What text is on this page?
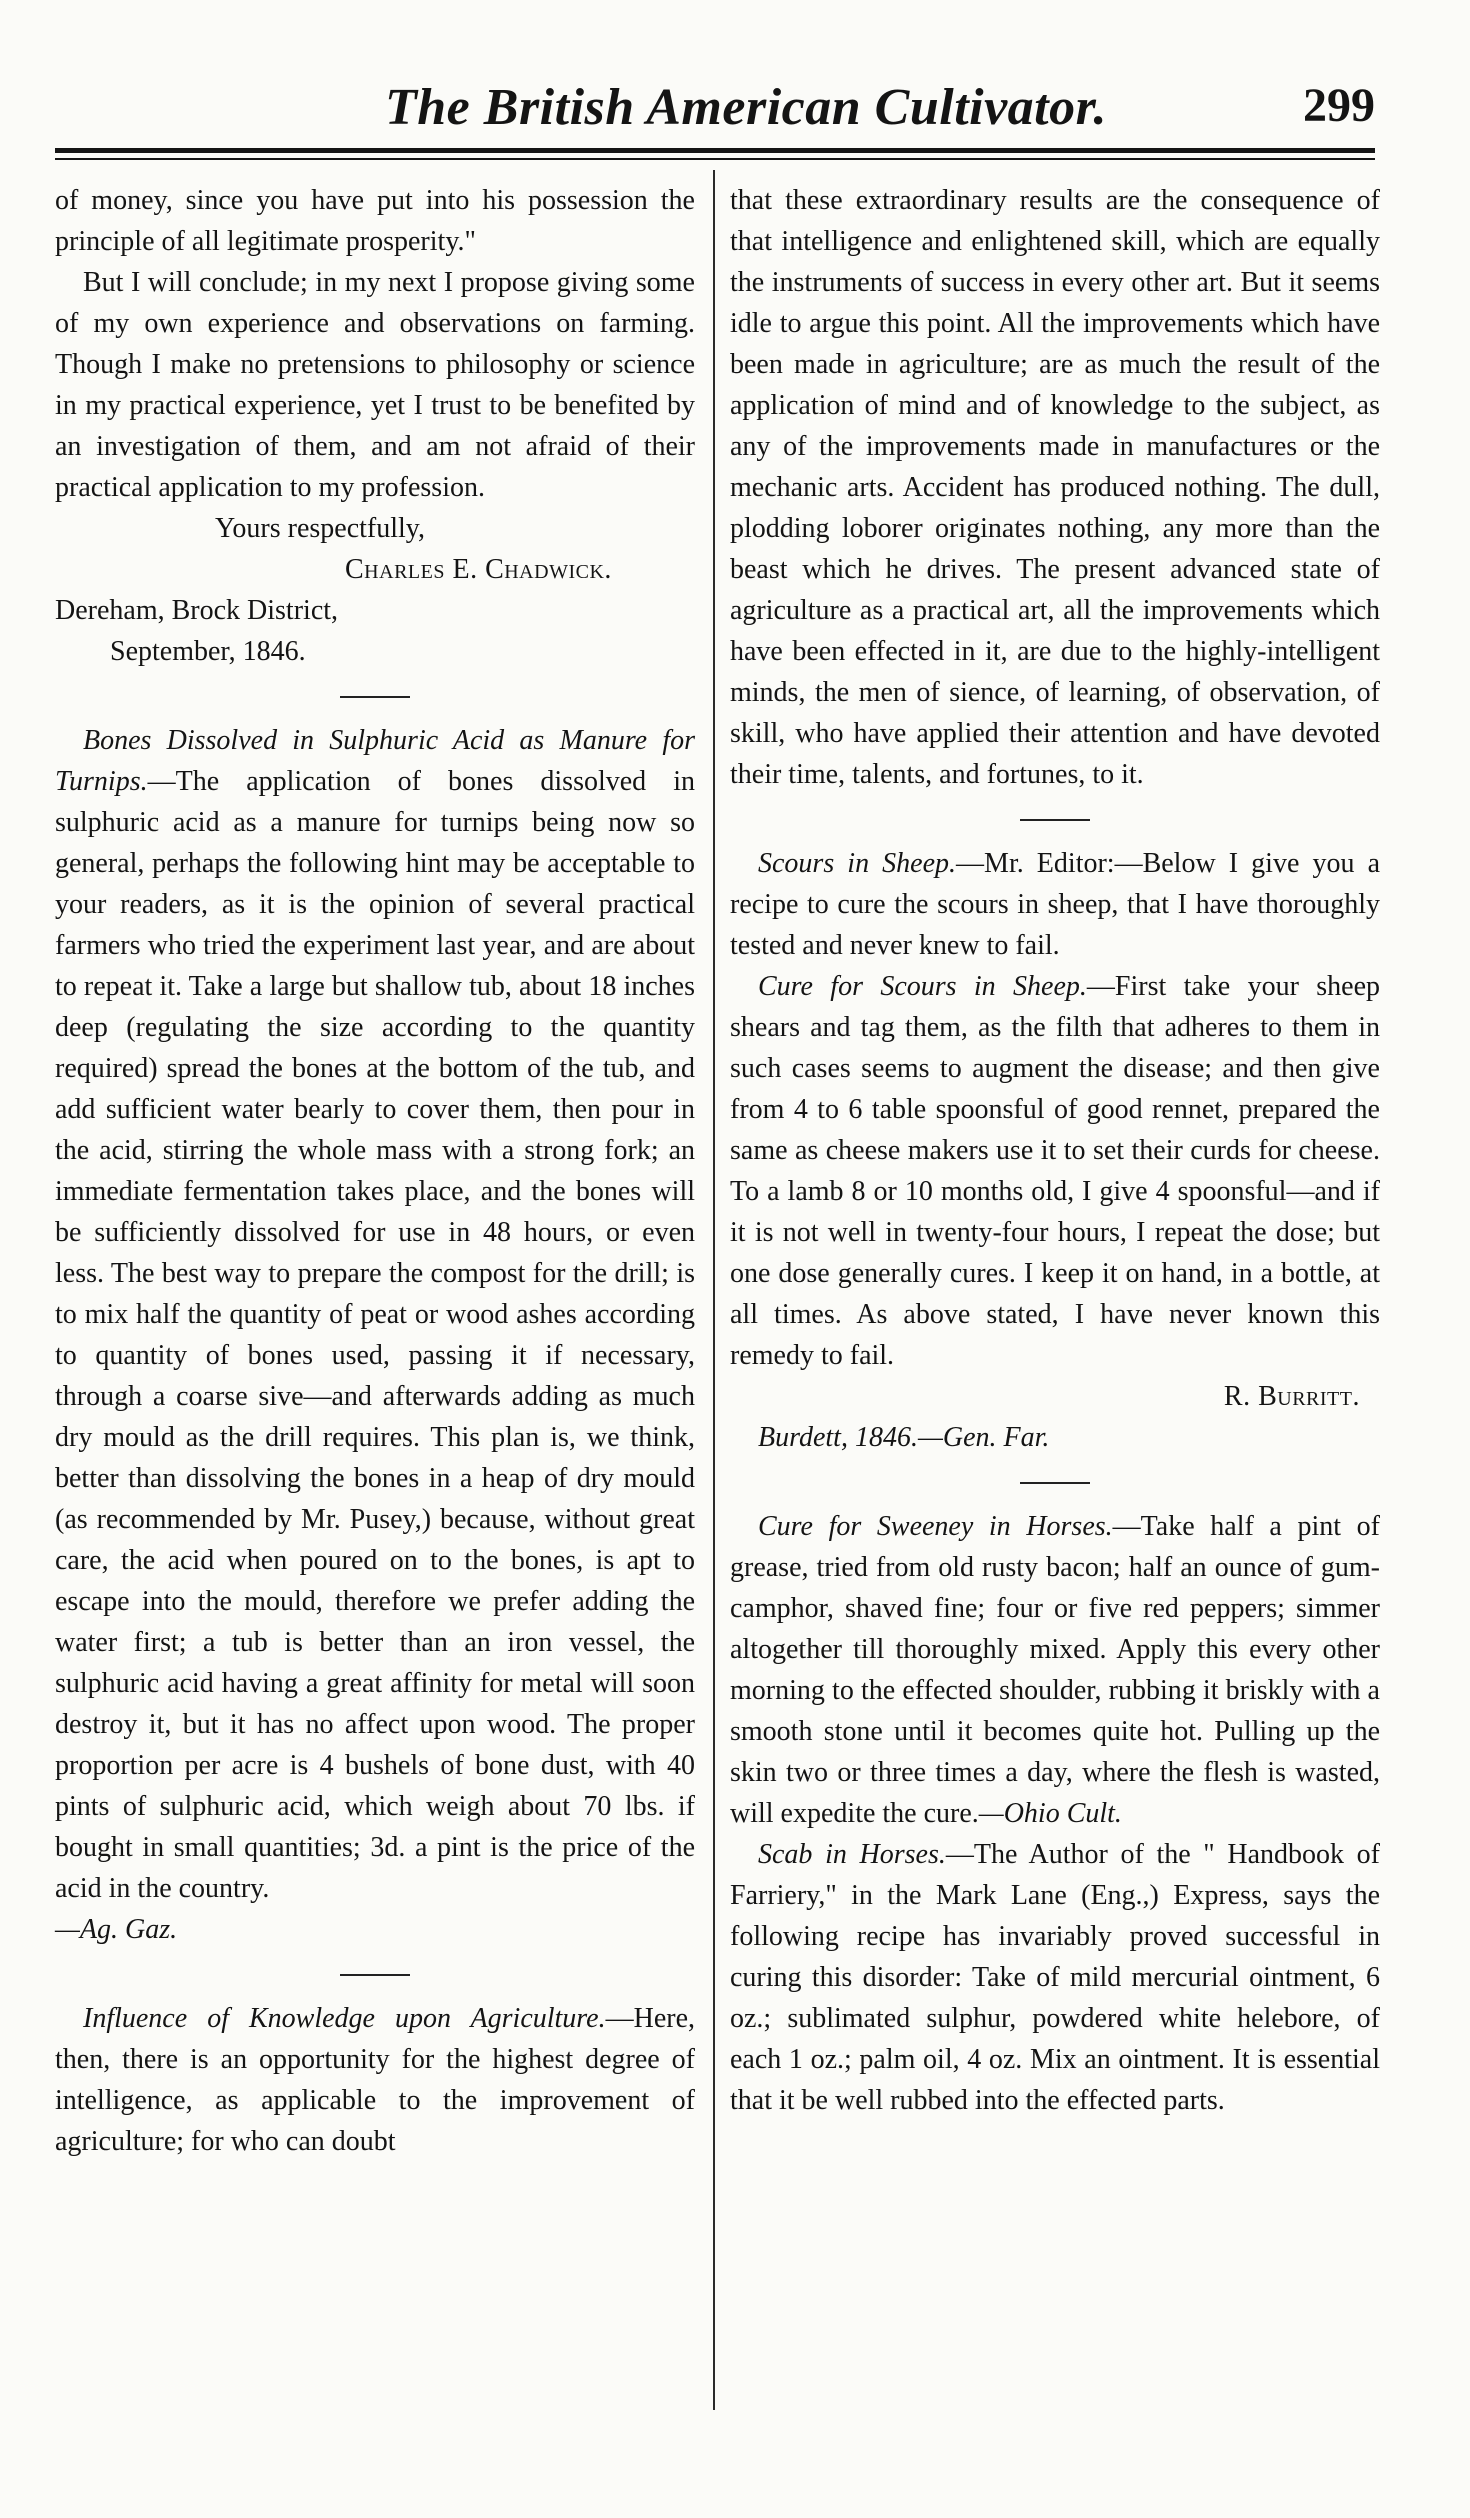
The British American Cultivator.	299

of money, since you have put into his possession the principle of all legitimate prosperity."

But I will conclude; in my next I propose giving some of my own experience and observations on farming. Though I make no pretensions to philosophy or science in my practical experience, yet I trust to be benefited by an investigation of them, and am not afraid of their practical application to my profession.

Yours respectfully,

Charles E. Chadwick.

Dereham, Brock District,

September, 1846.

Bones Dissolved in Sulphuric Acid as Manure for Turnips.—The application of bones dissolved in sulphuric acid as a manure for turnips being now so general, perhaps the following hint may be acceptable to your readers, as it is the opinion of several practical farmers who tried the experiment last year, and are about to repeat it. Take a large but shallow tub, about 18 inches deep (regulating the size according to the quantity required) spread the bones at the bottom of the tub, and add sufficient water bearly to cover them, then pour in the acid, stirring the whole mass with a strong fork; an immediate fermentation takes place, and the bones will be sufficiently dissolved for use in 48 hours, or even less. The best way to prepare the compost for the drill; is to mix half the quantity of peat or wood ashes according to quantity of bones used, passing it if necessary, through a coarse sive—and afterwards adding as much dry mould as the drill requires. This plan is, we think, better than dissolving the bones in a heap of dry mould (as recommended by Mr. Pusey,) because, without great care, the acid when poured on to the bones, is apt to escape into the mould, therefore we prefer adding the water first; a tub is better than an iron vessel, the sulphuric acid having a great affinity for metal will soon destroy it, but it has no affect upon wood. The proper proportion per acre is 4 bushels of bone dust, with 40 pints of sulphuric acid, which weigh about 70 lbs. if bought in small quantities; 3d. a pint is the price of the acid in the country.

—Ag. Gaz.

Influence of Knowledge upon Agriculture.—Here, then, there is an opportunity for the highest degree of intelligence, as applicable to the improvement of agriculture; for who can doubt

that these extraordinary results are the consequence of that intelligence and enlightened skill, which are equally the instruments of success in every other art. But it seems idle to argue this point. All the improvements which have been made in agriculture; are as much the result of the application of mind and of knowledge to the subject, as any of the improvements made in manufactures or the mechanic arts. Accident has produced nothing. The dull, plodding loborer originates nothing, any more than the beast which he drives. The present advanced state of agriculture as a practical art, all the improvements which have been effected in it, are due to the highly-intelligent minds, the men of sience, of learning, of observation, of skill, who have applied their attention and have devoted their time, talents, and fortunes, to it.

Scours in Sheep.—Mr. Editor:—Below I give you a recipe to cure the scours in sheep, that I have thoroughly tested and never knew to fail.

Cure for Scours in Sheep.—First take your sheep shears and tag them, as the filth that adheres to them in such cases seems to augment the disease; and then give from 4 to 6 table spoonsful of good rennet, prepared the same as cheese makers use it to set their curds for cheese. To a lamb 8 or 10 months old, I give 4 spoonsful—and if it is not well in twenty-four hours, I repeat the dose; but one dose generally cures. I keep it on hand, in a bottle, at all times. As above stated, I have never known this remedy to fail.

R. Burritt.

Burdett, 1846.—Gen. Far.

Cure for Sweeney in Horses.—Take half a pint of grease, tried from old rusty bacon; half an ounce of gum-camphor, shaved fine; four or five red peppers; simmer altogether till thoroughly mixed. Apply this every other morning to the effected shoulder, rubbing it briskly with a smooth stone until it becomes quite hot. Pulling up the skin two or three times a day, where the flesh is wasted, will expedite the cure.—Ohio Cult.

Scab in Horses.—The Author of the " Handbook of Farriery," in the Mark Lane (Eng.,) Express, says the following recipe has invariably proved successful in curing this disorder: Take of mild mercurial ointment, 6 oz.; sublimated sulphur, powdered white helebore, of each 1 oz.; palm oil, 4 oz. Mix an ointment. It is essential that it be well rubbed into the effected parts.
